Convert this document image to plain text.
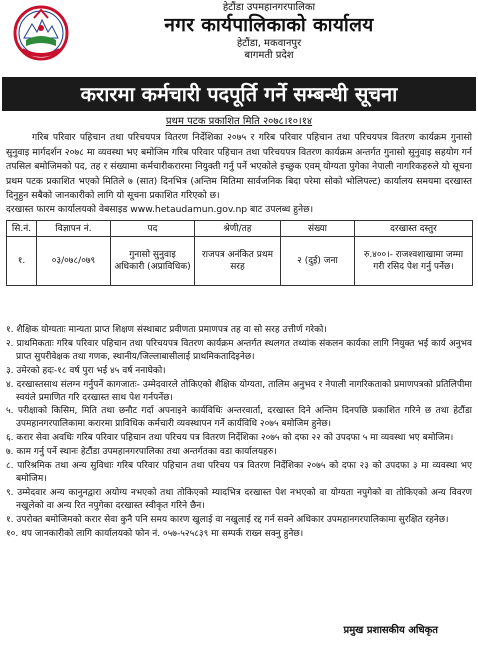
हेटौंडा उपमहानगरपालिका
नगर कार्यपालिकाको कार्यालय
हेटौंडा, मकवानपुर
बागमती प्रदेश
करारमा कर्मचारी पदपूर्ति गर्ने सम्बन्धी सूचना
प्रथम पटक प्रकाशित मिति २०७८।१०।१४
गरिब परिवार पहिचान तथा परिचयपत्र वितरण निर्देशिका २०७५ र गरिब परिवार पहिचान तथा परिचयपत्र वितरण कार्यक्रम गुनासो सुनुवाइ मार्गदर्शन २०७८ मा व्यवस्था भए बमोजिम गरिब परिवार पहिचान तथा परिचयपत्र वितरण कार्यक्रम अन्तर्गत गुनासो सुनुवाइ सहयोग गर्न तपसिल बमोजिमको पद, तह र संख्यामा कर्मचारीकरारमा नियुक्ती गर्नु पर्ने भएकोले इच्छुक एवम् योग्यता पुगेका नेपाली नागरिकहरुले यो सूचना प्रथम पटक प्रकाशित भएको मितिले ७ (सात) दिनभित्र (अन्तिम मितिमा सार्वजनिक बिदा परेमा सोको भोलिपल्ट) कार्यालय समयमा दरखास्त दिनुहुन सबैको जानकारीको लागि यो सूचना प्रकाशित गरिएको छ।
दरखास्त फारम कार्यालयको वेबसाइड www.hetaudamun.gov.np बाट उपलब्ध हुनेछ।
सि.नं.	विज्ञापन नं.	पद	श्रेणी/तह	संख्या	दरखास्त दस्तुर
१.	०३/०७८/०७९	गुनासो सुनुवाइ अधिकारी (अप्राविधिक)	राजपत्र अनंकित प्रथम सरह	२ (दुई) जना	रु.४००।- राजश्वशाखामा जम्मा गरी रसिद पेश गर्नु पर्नेछ।
१. शैक्षिक योग्यताः मान्यता प्राप्त शिक्षण संस्थाबाट प्रवीणता प्रमाणपत्र तह वा सो सरह उत्तीर्ण गरेको।
२. प्राथमिकताः गरिब परिवार पहिचान तथा परिचयपत्र वितरण कार्यक्रम अन्तर्गत स्थलगत तथ्यांक संकलन कार्यका लागि नियुक्त भई कार्य अनुभव प्राप्त सुपरीवेक्षक तथा गणक, स्थानीय/जिल्लाबासीलाई प्राथमिकतादिइनेछ।
३. उमेरको हदः-१८ वर्ष पुरा भई ४५ वर्ष ननाघेको।
४. दरखास्तसाथ संलग्न गर्नुपर्ने कागजातः- उम्मेदवारले तोकिएको शैक्षिक योग्यता, तालिम अनुभव र नेपाली नागरिकताको प्रमाणपत्रको प्रतिलिपीमा स्वयंले प्रमाणित गरि दरखास्त साथ पेश गर्नपर्नेछ।
५. परीक्षाको किसिम, मिति तथा छनौट गर्दा अपनाइने कार्यविधिः अन्तरवार्ता, दरखास्त दिने अन्तिम दिनपछि प्रकाशित गरिने छ तथा हेटौंडा उपमहानगरपालिकामा करारमा प्राविधिक कर्मचारी व्यवस्थापन गर्ने कार्यविधि २०७५ बमोजिम हुनेछ।
६. करार सेवा अवधिः गरिब परिवार पहिचान तथा परिचय पत्र वितरण निर्देशिका २०७५ को दफा २२ को उपदफा ५ मा व्यवस्था भए बमोजिम।
७. काम गर्नु पर्ने स्थानः हेटौंडा उपमहानगरपालिका तथा अन्तर्गतका वडा कार्यालयहरु।
८. पारिश्रमिक तथा अन्य सुविधाः गरिब परिवार पहिचान तथा परिचय पत्र वितरण निर्देशिका २०७५ को दफा २३ को उपदफा ३ मा व्यवस्था भए बमोजिम।
९. उम्मेदवार अन्य कानुनद्वारा अयोग्य नभएको तथा तोकिएको म्यादभित्र दरखास्त पेश नभएको वा योग्यता नपुगेको वा तोकिएको अन्य विवरण नखुलेको वा अन्य रित नपुगेका दरखास्त स्वीकृत गरिने छैन।
१. उपरोक्त बमोजिमको करार सेवा कुनै पनि समय कारण खुलाई वा नखुलाई रद्द गर्न सक्ने अधिकार उपमहानगरपालिकामा सुरक्षित रहनेछ।
१०. थप जानकारीको लागि कार्यालयको फोन नं. ०५७-५२५८३९ मा सम्पर्क राख्न सक्नु हुनेछ।
प्रमुख प्रशासकीय अधिकृत
